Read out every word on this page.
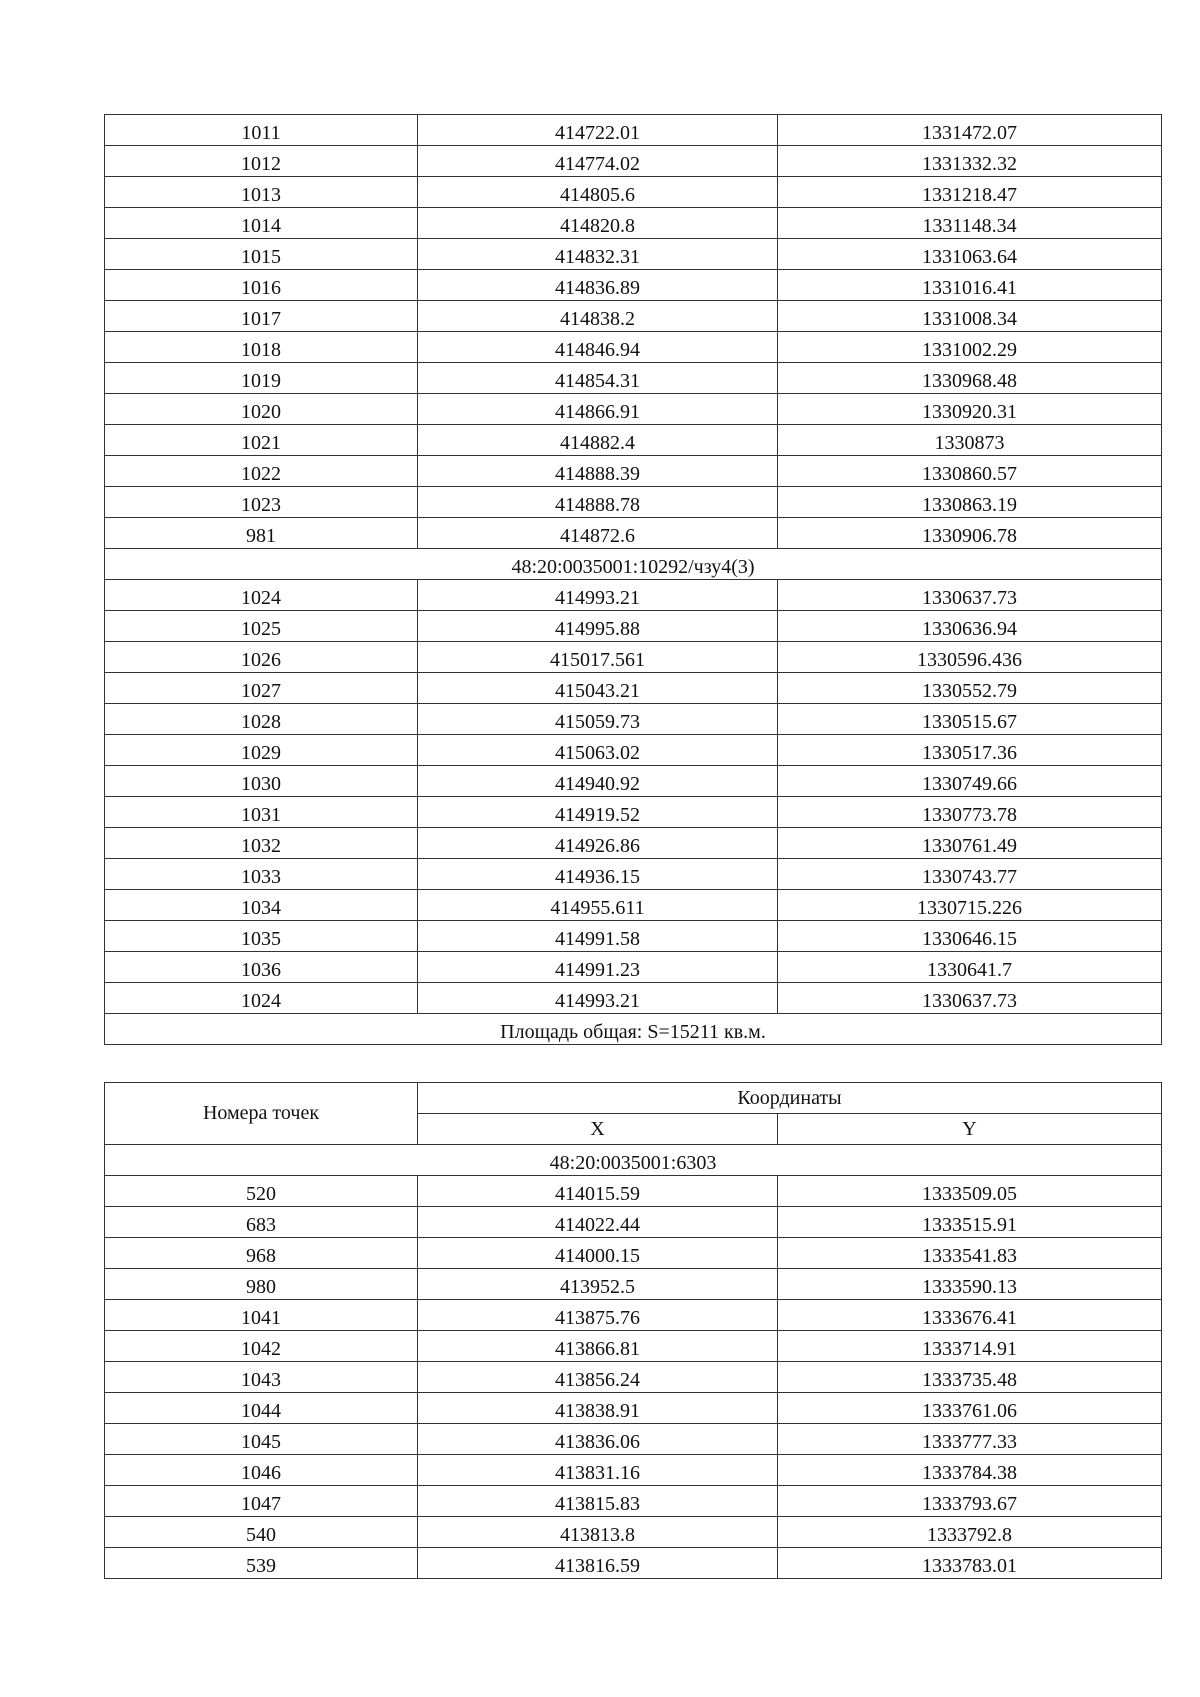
1011	414722.01	1331472.07
1012	414774.02	1331332.32
1013	414805.6	1331218.47
1014	414820.8	1331148.34
1015	414832.31	1331063.64
1016	414836.89	1331016.41
1017	414838.2	1331008.34
1018	414846.94	1331002.29
1019	414854.31	1330968.48
1020	414866.91	1330920.31
1021	414882.4	1330873
1022	414888.39	1330860.57
1023	414888.78	1330863.19
981	414872.6	1330906.78
48:20:0035001:10292/чзу4(3)		
1024	414993.21	1330637.73
1025	414995.88	1330636.94
1026	415017.561	1330596.436
1027	415043.21	1330552.79
1028	415059.73	1330515.67
1029	415063.02	1330517.36
1030	414940.92	1330749.66
1031	414919.52	1330773.78
1032	414926.86	1330761.49
1033	414936.15	1330743.77
1034	414955.611	1330715.226
1035	414991.58	1330646.15
1036	414991.23	1330641.7
1024	414993.21	1330637.73
Площадь общая: S=15211 кв.м.		
Номера точек	Координаты	
	X	Y
48:20:0035001:6303		
520	414015.59	1333509.05
683	414022.44	1333515.91
968	414000.15	1333541.83
980	413952.5	1333590.13
1041	413875.76	1333676.41
1042	413866.81	1333714.91
1043	413856.24	1333735.48
1044	413838.91	1333761.06
1045	413836.06	1333777.33
1046	413831.16	1333784.38
1047	413815.83	1333793.67
540	413813.8	1333792.8
539	413816.59	1333783.01
